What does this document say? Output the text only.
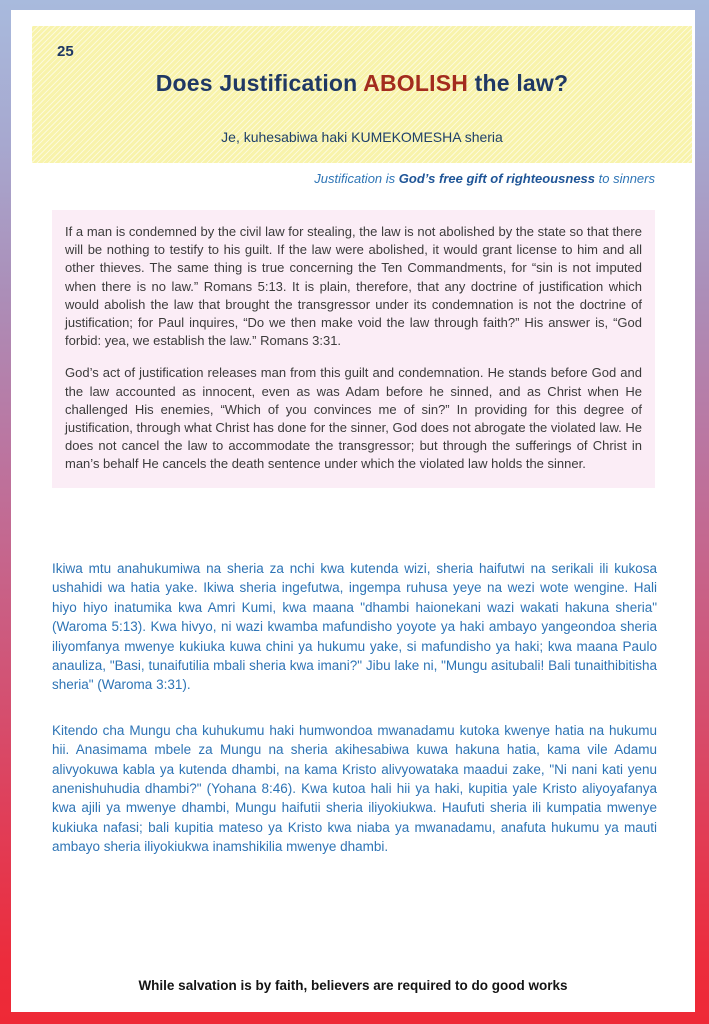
25
Does Justification ABOLISH the law?
Je, kuhesabiwa haki KUMEKOMESHA sheria
Justification is God’s free gift of righteousness to sinners

If a man is condemned by the civil law for stealing, the law is not abolished by the state so that there will be nothing to testify to his guilt. If the law were abolished, it would grant license to him and all other thieves. The same thing is true concerning the Ten Commandments, for “sin is not imputed when there is no law.” Romans 5:13. It is plain, therefore, that any doctrine of justification which would abolish the law that brought the transgressor under its condemnation is not the doctrine of justification; for Paul inquires, “Do we then make void the law through faith?” His answer is, “God forbid: yea, we establish the law.” Romans 3:31.

God’s act of justification releases man from this guilt and condemnation. He stands before God and the law accounted as innocent, even as was Adam before he sinned, and as Christ when He challenged His enemies, “Which of you convinces me of sin?” In providing for this degree of justification, through what Christ has done for the sinner, God does not abrogate the violated law. He does not cancel the law to accommodate the transgressor; but through the sufferings of Christ in man’s behalf He cancels the death sentence under which the violated law holds the sinner.

Ikiwa mtu anahukumiwa na sheria za nchi kwa kutenda wizi, sheria haifutwi na serikali ili kukosa ushahidi wa hatia yake. Ikiwa sheria ingefutwa, ingempa ruhusa yeye na wezi wote wengine. Hali hiyo hiyo inatumika kwa Amri Kumi, kwa maana "dhambi haionekani wazi wakati hakuna sheria" (Waroma 5:13). Kwa hivyo, ni wazi kwamba mafundisho yoyote ya haki ambayo yangeondoa sheria iliyomfanya mwenye kukiuka kuwa chini ya hukumu yake, si mafundisho ya haki; kwa maana Paulo anauliza, "Basi, tunaifutilia mbali sheria kwa imani?" Jibu lake ni, "Mungu asitubali! Bali tunaithibitisha sheria" (Waroma 3:31).

Kitendo cha Mungu cha kuhukumu haki humwondoa mwanadamu kutoka kwenye hatia na hukumu hii. Anasimama mbele za Mungu na sheria akihesabiwa kuwa hakuna hatia, kama vile Adamu alivyokuwa kabla ya kutenda dhambi, na kama Kristo alivyowataka maadui zake, "Ni nani kati yenu anenishuhudia dhambi?" (Yohana 8:46). Kwa kutoa hali hii ya haki, kupitia yale Kristo aliyoyafanya kwa ajili ya mwenye dhambi, Mungu haifutii sheria iliyokiukwa. Haufuti sheria ili kumpatia mwenye kukiuka nafasi; bali kupitia mateso ya Kristo kwa niaba ya mwanadamu, anafuta hukumu ya mauti ambayo sheria iliyokiukwa inamshikilia mwenye dhambi.

While salvation is by faith, believers are required to do good works
